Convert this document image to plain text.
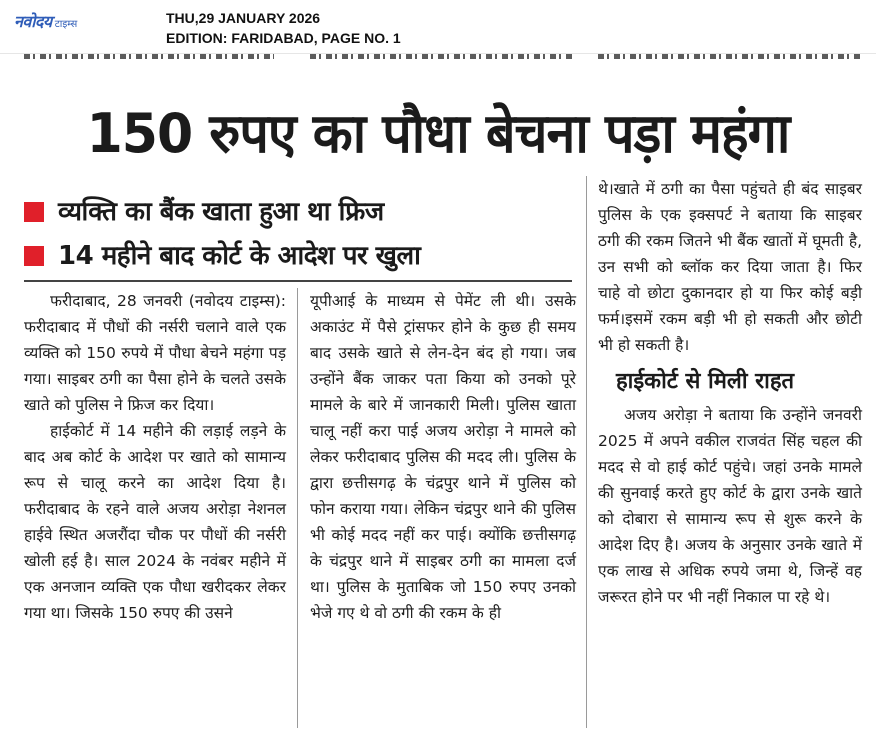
नवोदय टाइम्स	THU,29 JANUARY 2026
EDITION: FARIDABAD, PAGE NO. 1
150 रुपए का पौधा बेचना पड़ा महंगा
व्यक्ति का बैंक खाता हुआ था फ्रिज
14 महीने बाद कोर्ट के आदेश पर खुला

फरीदाबाद, 28 जनवरी (नवोदय टाइम्स): फरीदाबाद में पौधों की नर्सरी चलाने वाले एक व्यक्ति को 150 रुपये में पौधा बेचने महंगा पड़ गया। साइबर ठगी का पैसा होने के चलते उसके खाते को पुलिस ने फ्रिज कर दिया।

हाईकोर्ट में 14 महीने की लड़ाई लड़ने के बाद अब कोर्ट के आदेश पर खाते को सामान्य रूप से चालू करने का आदेश दिया है। फरीदाबाद के रहने वाले अजय अरोड़ा नेशनल हाईवे स्थित अजरौंदा चौक पर पौधों की नर्सरी खोली हई है। साल 2024 के नवंबर महीने में एक अनजान व्यक्ति एक पौधा खरीदकर लेकर गया था। जिसके 150 रुपए की उसने

यूपीआई के माध्यम से पेमेंट ली थी। उसके अकाउंट में पैसे ट्रांसफर होने के कुछ ही समय बाद उसके खाते से लेन-देन बंद हो गया। जब उन्होंने बैंक जाकर पता किया को उनको पूरे मामले के बारे में जानकारी मिली। पुलिस खाता चालू नहीं करा पाई अजय अरोड़ा ने मामले को लेकर फरीदाबाद पुलिस की मदद ली। पुलिस के द्वारा छत्तीसगढ़ के चंद्रपुर थाने में पुलिस को फोन कराया गया। लेकिन चंद्रपुर थाने की पुलिस भी कोई मदद नहीं कर पाई। क्योंकि छत्तीसगढ़ के चंद्रपुर थाने में साइबर ठगी का मामला दर्ज था। पुलिस के मुताबिक जो 150 रुपए उनको भेजे गए थे वो ठगी की रकम के ही

थे।खाते में ठगी का पैसा पहुंचते ही बंद साइबर पुलिस के एक इक्सपर्ट ने बताया कि साइबर ठगी की रकम जितने भी बैंक खातों में घूमती है, उन सभी को ब्लॉक कर दिया जाता है। फिर चाहे वो छोटा दुकानदार हो या फिर कोई बड़ी फर्म।इसमें रकम बड़ी भी हो सकती और छोटी भी हो सकती है।

हाईकोर्ट से मिली राहत

अजय अरोड़ा ने बताया कि उन्होंने जनवरी 2025 में अपने वकील राजवंत सिंह चहल की मदद से वो हाई कोर्ट पहुंचे। जहां उनके मामले की सुनवाई करते हुए कोर्ट के द्वारा उनके खाते को दोबारा से सामान्य रूप से शुरू करने के आदेश दिए है। अजय के अनुसार उनके खाते में एक लाख से अधिक रुपये जमा थे, जिन्हें वह जरूरत होने पर भी नहीं निकाल पा रहे थे।
